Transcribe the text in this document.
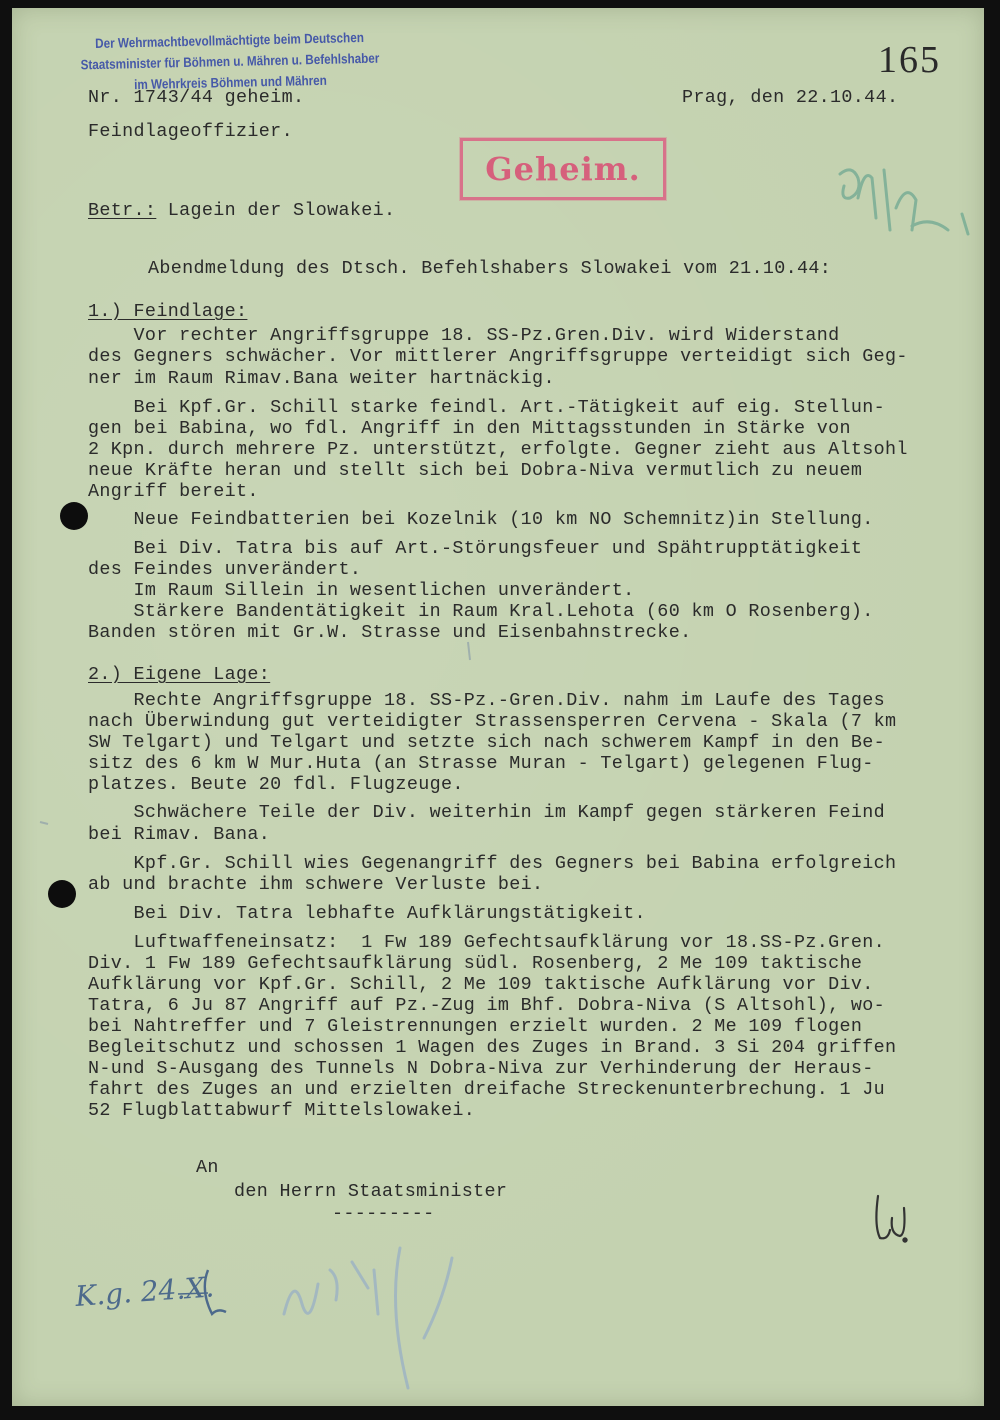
Der Wehrmachtbevollmächtigte beim Deutschen
Staatsminister für Böhmen u. Mähren u. Befehlshaber
im Wehrkreis Böhmen und Mähren
165
Nr. 1743/44 geheim.	Prag, den 22.10.44.
Feindlageoffizier.
Geheim.
Betr.: Lagein der Slowakei.
Abendmeldung des Dtsch. Befehlshabers Slowakei vom 21.10.44:
1.) Feindlage:
Vor rechter Angriffsgruppe 18. SS-Pz.Gren.Div. wird Widerstand
des Gegners schwächer. Vor mittlerer Angriffsgruppe verteidigt sich Geg-
ner im Raum Rimav.Bana weiter hartnäckig.
Bei Kpf.Gr. Schill starke feindl. Art.-Tätigkeit auf eig. Stellun-
gen bei Babina, wo fdl. Angriff in den Mittagsstunden in Stärke von
2 Kpn. durch mehrere Pz. unterstützt, erfolgte. Gegner zieht aus Altsohl
neue Kräfte heran und stellt sich bei Dobra-Niva vermutlich zu neuem
Angriff bereit.
Neue Feindbatterien bei Kozelnik (10 km NO Schemnitz)in Stellung.
Bei Div. Tatra bis auf Art.-Störungsfeuer und Spähtrupptätigkeit
des Feindes unverändert.
Im Raum Sillein in wesentlichen unverändert.
Stärkere Bandentätigkeit in Raum Kral.Lehota (60 km O Rosenberg).
Banden stören mit Gr.W. Strasse und Eisenbahnstrecke.
2.) Eigene Lage:
Rechte Angriffsgruppe 18. SS-Pz.-Gren.Div. nahm im Laufe des Tages
nach Überwindung gut verteidigter Strassensperren Cervena - Skala (7 km
SW Telgart) und Telgart und setzte sich nach schwerem Kampf in den Be-
sitz des 6 km W Mur.Huta (an Strasse Muran - Telgart) gelegenen Flug-
platzes. Beute 20 fdl. Flugzeuge.
Schwächere Teile der Div. weiterhin im Kampf gegen stärkeren Feind
bei Rimav. Bana.
Kpf.Gr. Schill wies Gegenangriff des Gegners bei Babina erfolgreich
ab und brachte ihm schwere Verluste bei.
Bei Div. Tatra lebhafte Aufklärungstätigkeit.
Luftwaffeneinsatz:  1 Fw 189 Gefechtsaufklärung vor 18.SS-Pz.Gren.
Div. 1 Fw 189 Gefechtsaufklärung südl. Rosenberg, 2 Me 109 taktische
Aufklärung vor Kpf.Gr. Schill, 2 Me 109 taktische Aufklärung vor Div.
Tatra, 6 Ju 87 Angriff auf Pz.-Zug im Bhf. Dobra-Niva (S Altsohl), wo-
bei Nahtreffer und 7 Gleistrennungen erzielt wurden. 2 Me 109 flogen
Begleitschutz und schossen 1 Wagen des Zuges in Brand. 3 Si 204 griffen
N-und S-Ausgang des Tunnels N Dobra-Niva zur Verhinderung der Heraus-
fahrt des Zuges an und erzielten dreifache Streckenunterbrechung. 1 Ju
52 Flugblattabwurf Mittelslowakei.
An
den Herrn Staatsminister
---------
K.g. 24.X.
